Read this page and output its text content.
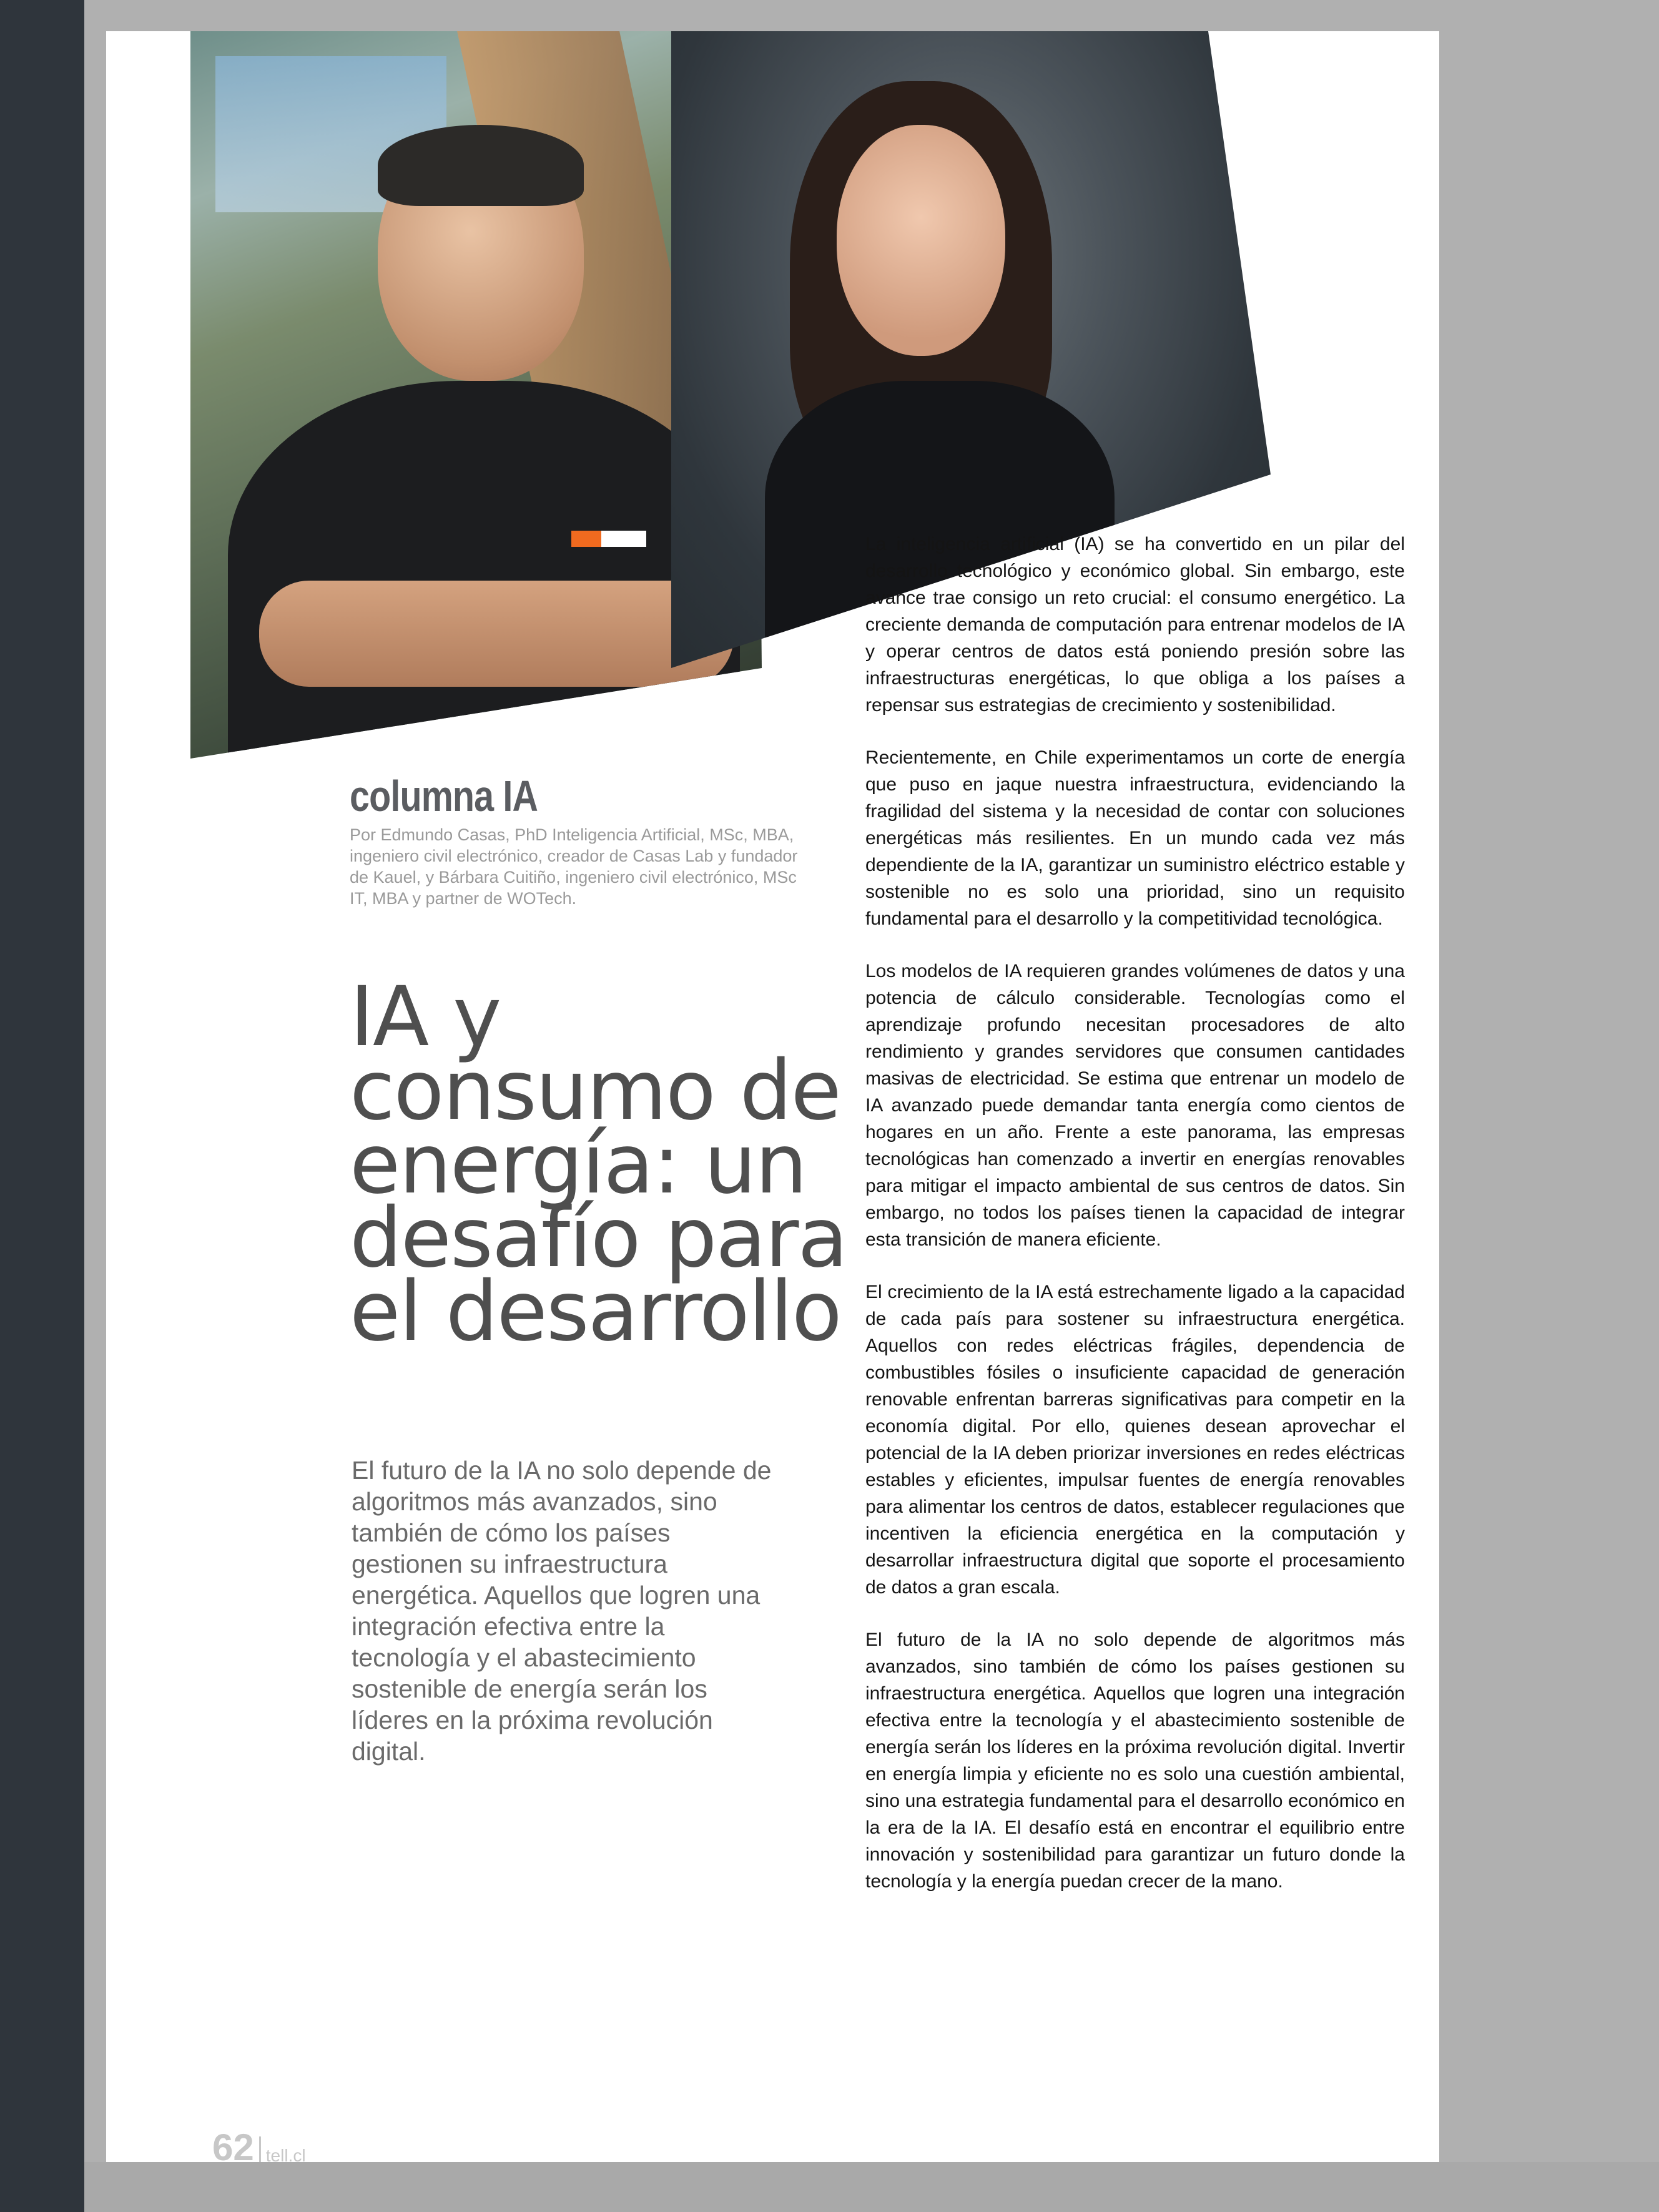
columna IA

Por Edmundo Casas, PhD Inteligencia Artificial, MSc, MBA, ingeniero civil electrónico, creador de Casas Lab y fundador de Kauel, y Bárbara Cuitiño, ingeniero civil electrónico, MSc IT, MBA y partner de WOTech.

IA y consumo de energía: un desafío para el desarrollo

El futuro de la IA no solo depende de algoritmos más avanzados, sino también de cómo los países gestionen su infraestructura energética. Aquellos que logren una integración efectiva entre la tecnología y el abastecimiento sostenible de energía serán los líderes en la próxima revolución digital.

La inteligencia artificial (IA) se ha convertido en un pilar del desarrollo tecnológico y económico global. Sin embargo, este avance trae consigo un reto crucial: el consumo energético. La creciente demanda de computación para entrenar modelos de IA y operar centros de datos está poniendo presión sobre las infraestructuras energéticas, lo que obliga a los países a repensar sus estrategias de crecimiento y sostenibilidad.

Recientemente, en Chile experimentamos un corte de energía que puso en jaque nuestra infraestructura, evidenciando la fragilidad del sistema y la necesidad de contar con soluciones energéticas más resilientes. En un mundo cada vez más dependiente de la IA, garantizar un suministro eléctrico estable y sostenible no es solo una prioridad, sino un requisito fundamental para el desarrollo y la competitividad tecnológica.

Los modelos de IA requieren grandes volúmenes de datos y una potencia de cálculo considerable. Tecnologías como el aprendizaje profundo necesitan procesadores de alto rendimiento y grandes servidores que consumen cantidades masivas de electricidad. Se estima que entrenar un modelo de IA avanzado puede demandar tanta energía como cientos de hogares en un año. Frente a este panorama, las empresas tecnológicas han comenzado a invertir en energías renovables para mitigar el impacto ambiental de sus centros de datos. Sin embargo, no todos los países tienen la capacidad de integrar esta transición de manera eficiente.

El crecimiento de la IA está estrechamente ligado a la capacidad de cada país para sostener su infraestructura energética. Aquellos con redes eléctricas frágiles, dependencia de combustibles fósiles o insuficiente capacidad de generación renovable enfrentan barreras significativas para competir en la economía digital. Por ello, quienes desean aprovechar el potencial de la IA deben priorizar inversiones en redes eléctricas estables y eficientes, impulsar fuentes de energía renovables para alimentar los centros de datos, establecer regulaciones que incentiven la eficiencia energética en la computación y desarrollar infraestructura digital que soporte el procesamiento de datos a gran escala.

El futuro de la IA no solo depende de algoritmos más avanzados, sino también de cómo los países gestionen su infraestructura energética. Aquellos que logren una integración efectiva entre la tecnología y el abastecimiento sostenible de energía serán los líderes en la próxima revolución digital. Invertir en energía limpia y eficiente no es solo una cuestión ambiental, sino una estrategia fundamental para el desarrollo económico en la era de la IA. El desafío está en encontrar el equilibrio entre innovación y sostenibilidad para garantizar un futuro donde la tecnología y la energía puedan crecer de la mano.

62 tell.cl
